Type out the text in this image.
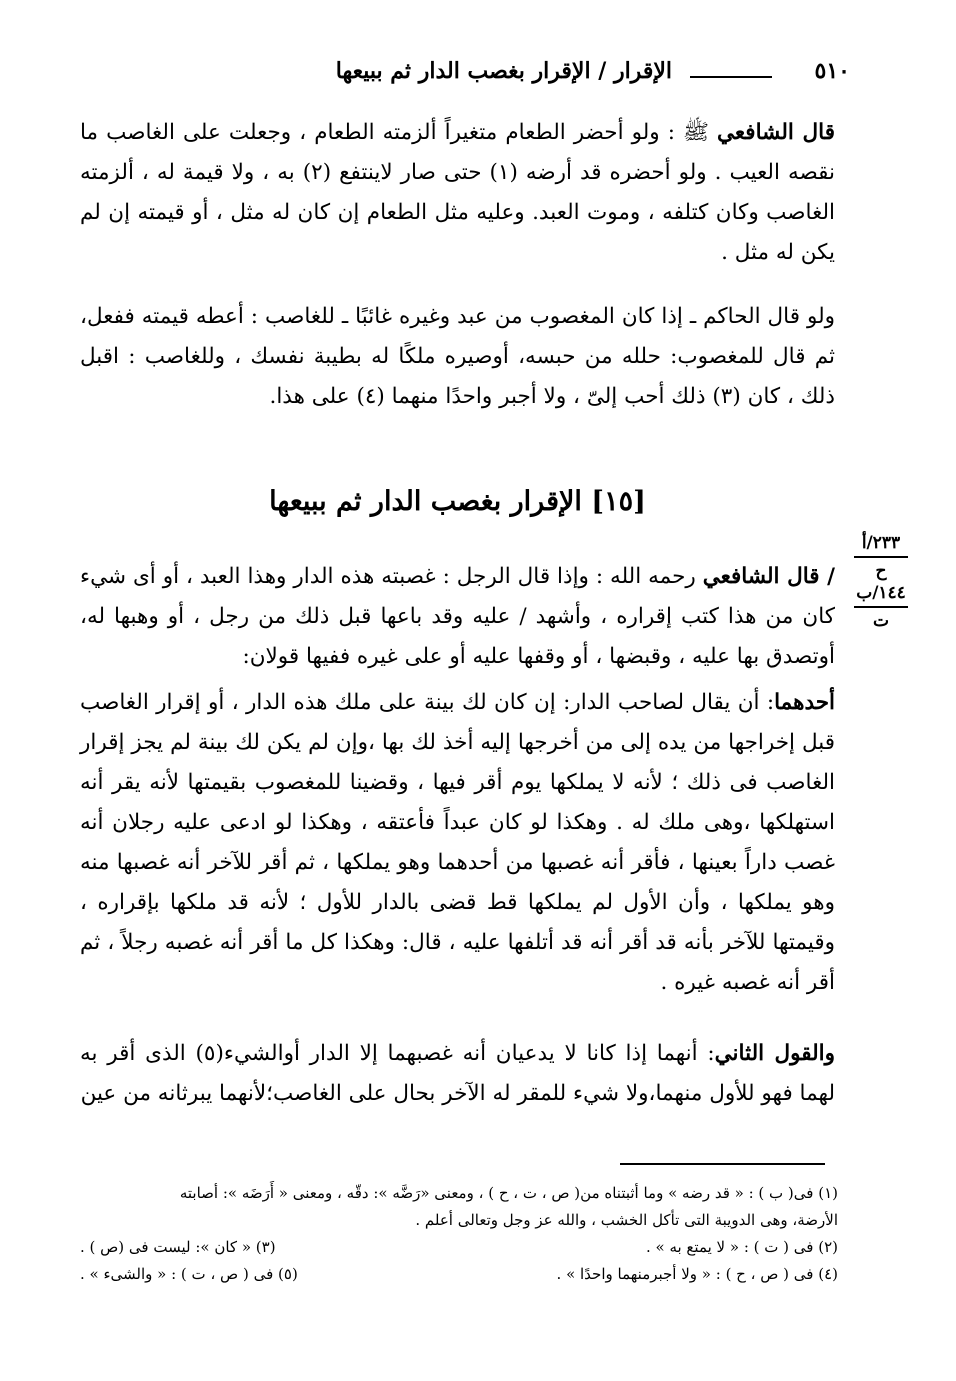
٥١٠
الإقرار / الإقرار بغصب الدار ثم ببيعها
قال الشافعي ﷺ : ولو أحضر الطعام متغيراً ألزمته الطعام ، وجعلت على الغاصب ما نقصه العيب . ولو أحضره قد أرضه (١) حتى صار لاينتفع (٢) به ، ولا قيمة له ، ألزمته الغاصب وكان كتلفه ، وموت العبد. وعليه مثل الطعام إن كان له مثل ، أو قيمته إن لم يكن له مثل .
ولو قال الحاكم ـ إذا كان المغصوب من عبد وغيره غائبًا ـ للغاصب : أعطه قيمته ففعل، ثم قال للمغصوب: حلله من حبسه، أوصيره ملكًا له بطيبة نفسك ، وللغاصب : اقبل ذلك ، كان (٣) ذلك أحب إلىّ ، ولا أجبر واحدًا منهما (٤) على هذا.
[١٥] الإقرار بغصب الدار ثم ببيعها
٢٣٣/أ
ح
١٤٤/ب
ت
/ قال الشافعي رحمه الله : وإذا قال الرجل : غصبته هذه الدار وهذا العبد ، أو أى شيء كان من هذا كتب إقراره ، وأشهد / عليه وقد باعها قبل ذلك من رجل ، أو وهبها له، أوتصدق بها عليه ، وقبضها ، أو وقفها عليه أو على غيره ففيها قولان:
أحدهما: أن يقال لصاحب الدار: إن كان لك بينة على ملك هذه الدار ، أو إقرار الغاصب قبل إخراجها من يده إلى من أخرجها إليه أخذ لك بها ،وإن لم يكن لك بينة لم يجز إقرار الغاصب فى ذلك ؛ لأنه لا يملكها يوم أقر فيها ، وقضينا للمغصوب بقيمتها لأنه يقر أنه استهلكها ،وهى ملك له . وهكذا لو كان عبداً فأعتقه ، وهكذا لو ادعى عليه رجلان أنه غصب داراً بعينها ، فأقر أنه غصبها من أحدهما وهو يملكها ، ثم أقر للآخر أنه غصبها منه وهو يملكها ، وأن الأول لم يملكها قط قضى بالدار للأول ؛ لأنه قد ملكها بإقراره ، وقيمتها للآخر بأنه قد أقر أنه قد أتلفها عليه ، قال: وهكذا كل ما أقر أنه غصبه رجلاً ، ثم أقر أنه غصبه غيره .
والقول الثاني: أنهما إذا كانا لا يدعيان أنه غصبهما إلا الدار أوالشيء(٥) الذى أقر به لهما فهو للأول منهما،ولا شيء للمقر له الآخر بحال على الغاصب؛لأنهما يبرثانه من عين
(١) فى( ب ) : « قد رضه » وما أثبتناه من( ص ، ت ، ح ) ، ومعنى «رَضَّه »: دقّه ، ومعنى « أَرَضَه »: أصابته
الأرضة، وهى الدويبة التى تأكل الخشب ، والله عز وجل وتعالى أعلم .
(٢) فى ( ت ) : « لا يمتع به » .
(٣) « كان »: ليست فى (ص ) .
(٤) فى ( ص ، ح ) : « ولا أجبرمنهما واحدًا » .
(٥) فى ( ص ، ت ) : « والشىء » .
